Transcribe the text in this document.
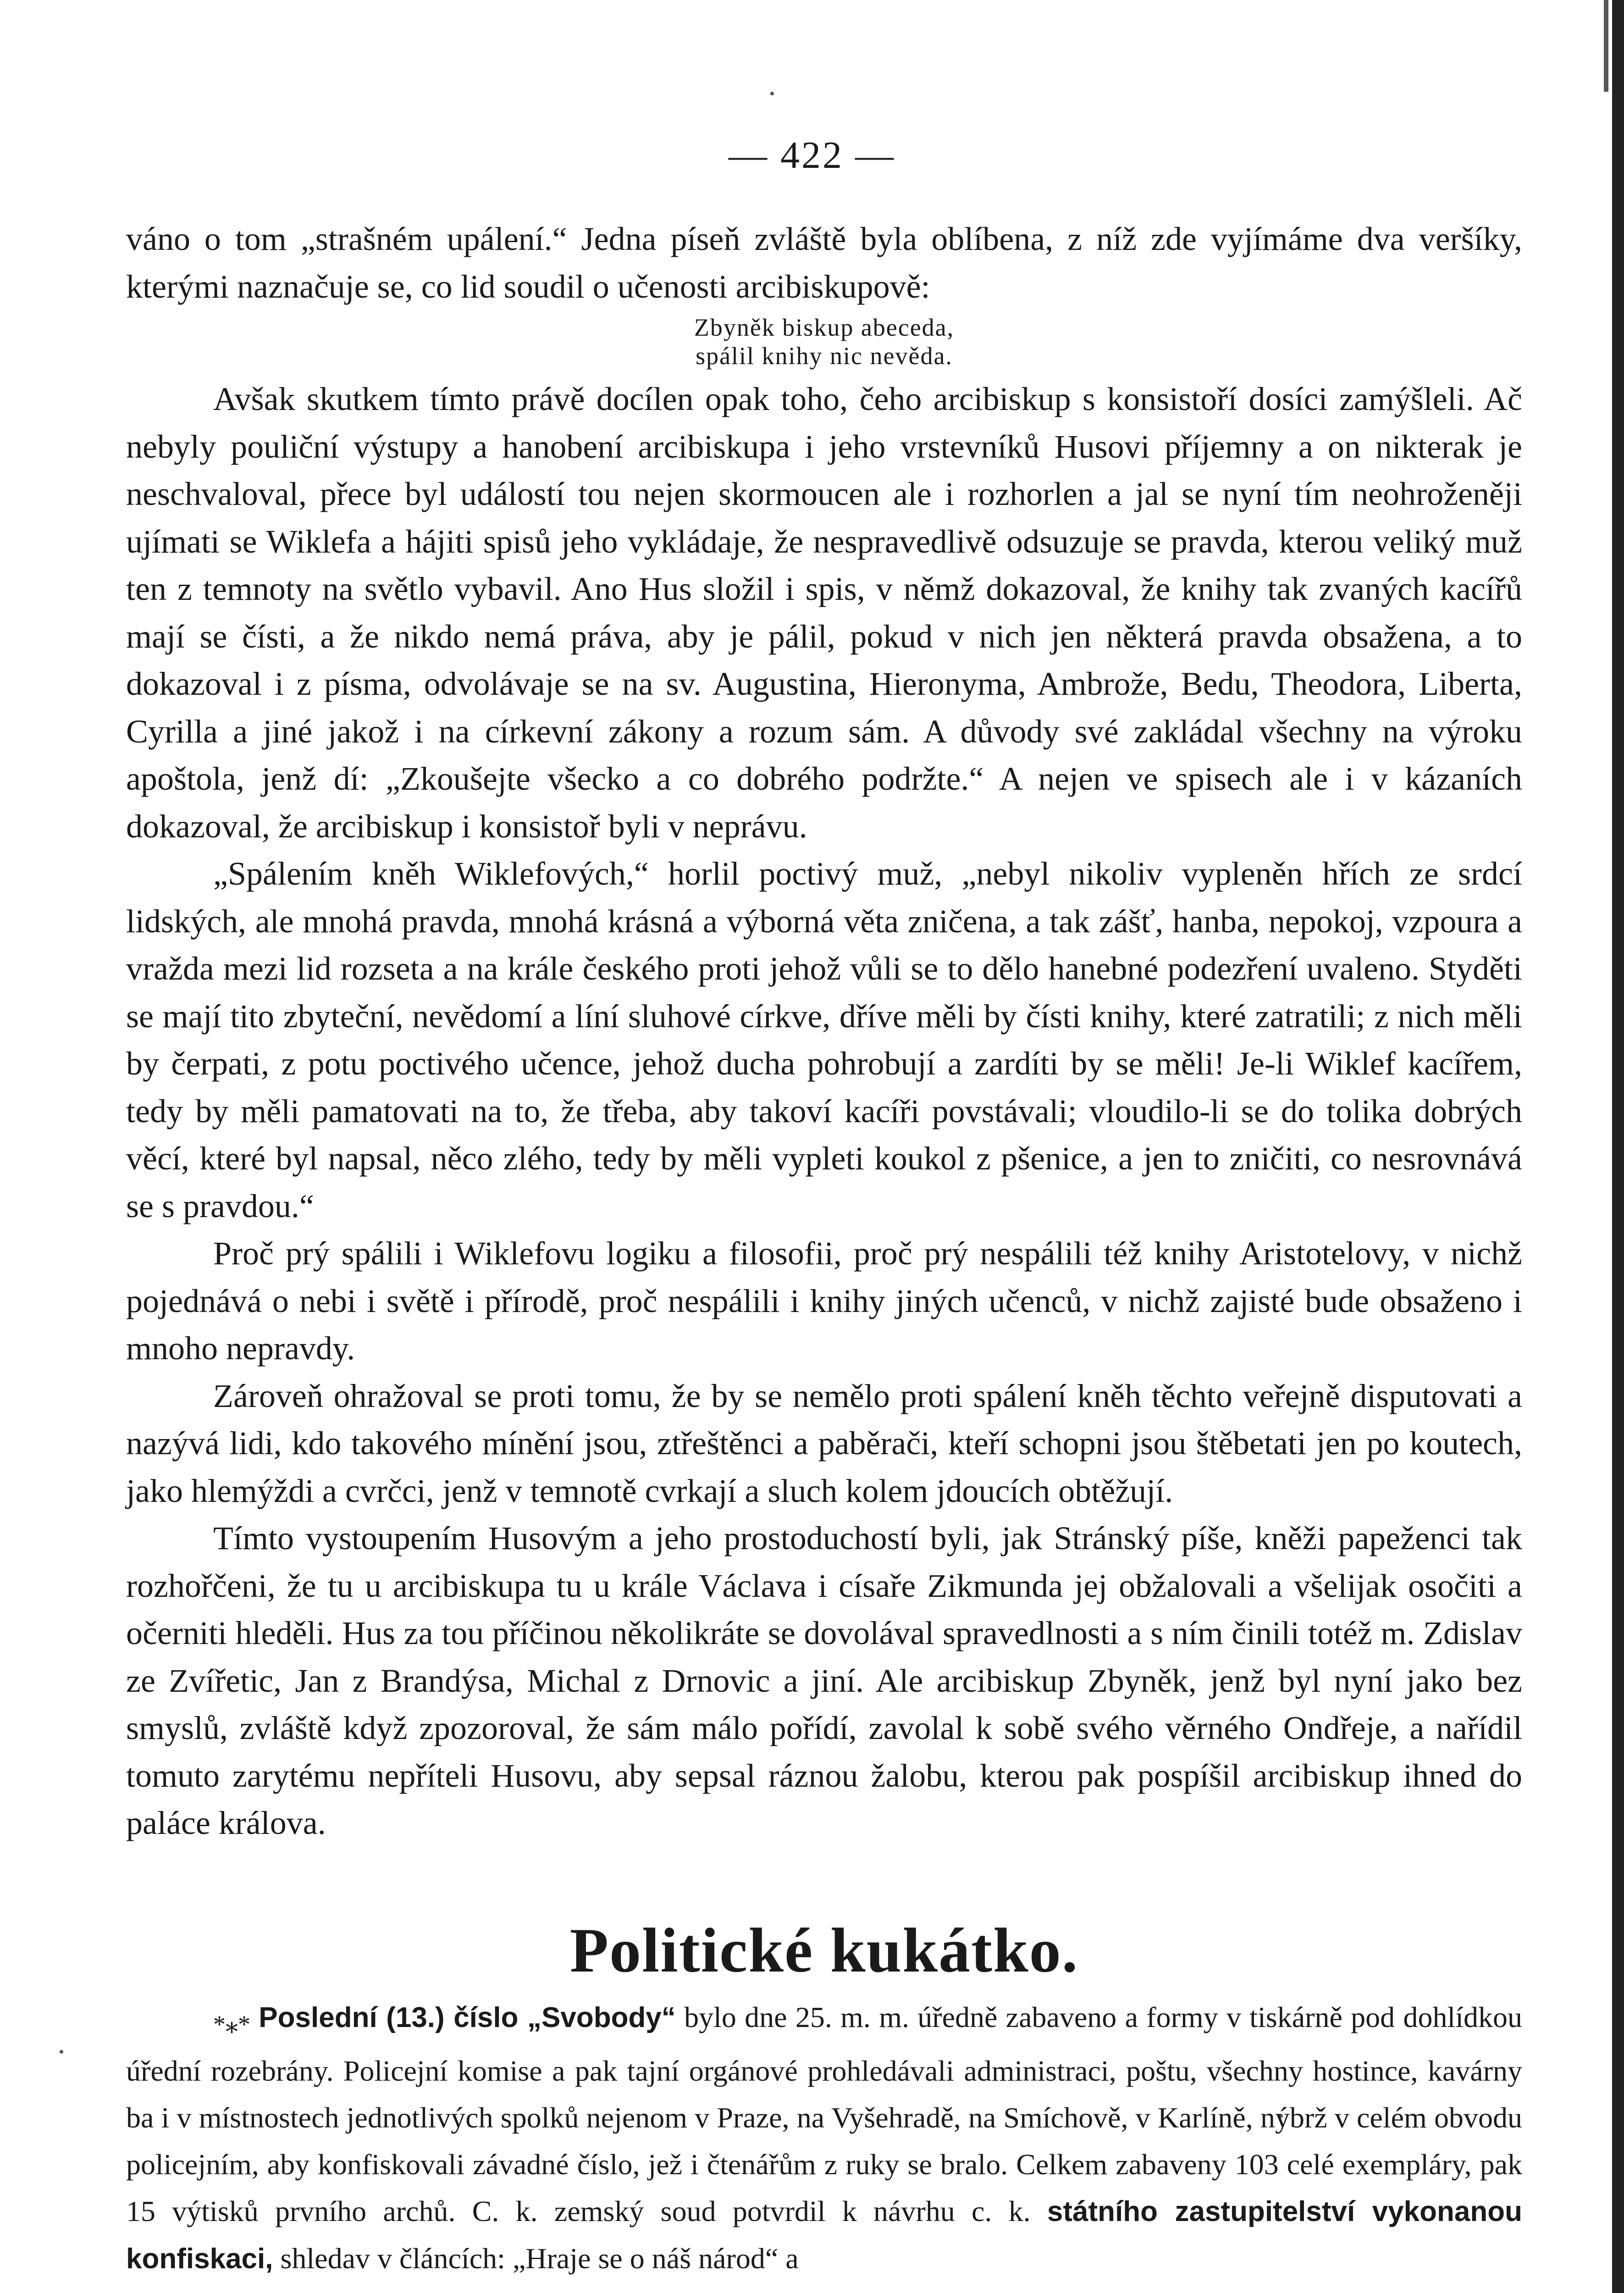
— 422 —

váno o tom „strašném upálení.“ Jedna píseň zvláště byla oblíbena, z níž zde vyjímáme dva veršíky, kterými naznačuje se, co lid soudil o učenosti arcibiskupově:

Zbyněk biskup abeceda,
spálil knihy nic nevěda.

Avšak skutkem tímto právě docílen opak toho, čeho arcibiskup s konsistoří dosíci zamýšleli. Ač nebyly pouliční výstupy a hanobení arcibiskupa i jeho vrstevníků Husovi příjemny a on nikterak je neschvaloval, přece byl událostí tou nejen skormoucen ale i rozhorlen a jal se nyní tím neohroženěji ujímati se Wiklefa a hájiti spisů jeho vykládaje, že nespravedlivě odsuzuje se pravda, kterou veliký muž ten z temnoty na světlo vybavil. Ano Hus složil i spis, v němž dokazoval, že knihy tak zvaných kacířů mají se čísti, a že nikdo nemá práva, aby je pálil, pokud v nich jen některá pravda obsažena, a to dokazoval i z písma, odvolávaje se na sv. Augustina, Hieronyma, Ambrože, Bedu, Theodora, Liberta, Cyrilla a jiné jakož i na církevní zákony a rozum sám. A důvody své zakládal všechny na výroku apoštola, jenž dí: „Zkoušejte všecko a co dobrého podržte.“ A nejen ve spisech ale i v kázaních dokazoval, že arcibiskup i konsistoř byli v neprávu.

„Spálením kněh Wiklefových,“ horlil poctivý muž, „nebyl nikoliv vypleněn hřích ze srdcí lidských, ale mnohá pravda, mnohá krásná a výborná věta zničena, a tak zášť, hanba, nepokoj, vzpoura a vražda mezi lid rozseta a na krále českého proti jehož vůli se to dělo hanebné podezření uvaleno. Styděti se mají tito zbyteční, nevědomí a líní sluhové církve, dříve měli by čísti knihy, které zatratili; z nich měli by čerpati, z potu poctivého učence, jehož ducha pohrobují a zardíti by se měli! Je-li Wiklef kacířem, tedy by měli pamatovati na to, že třeba, aby takoví kacíři povstávali; vloudilo-li se do tolika dobrých věcí, které byl napsal, něco zlého, tedy by měli vypleti koukol z pšenice, a jen to zničiti, co nesrovnává se s pravdou.“

Proč prý spálili i Wiklefovu logiku a filosofii, proč prý nespálili též knihy Aristotelovy, v nichž pojednává o nebi i světě i přírodě, proč nespálili i knihy jiných učenců, v nichž zajisté bude obsaženo i mnoho nepravdy.

Zároveň ohražoval se proti tomu, že by se nemělo proti spálení kněh těchto veřejně disputovati a nazývá lidi, kdo takového mínění jsou, ztřeštěnci a paběrači, kteří schopni jsou štěbetati jen po koutech, jako hlemýždi a cvrčci, jenž v temnotě cvrkají a sluch kolem jdoucích obtěžují.

Tímto vystoupením Husovým a jeho prostoduchostí byli, jak Stránský píše, kněži papeženci tak rozhořčeni, že tu u arcibiskupa tu u krále Václava i císaře Zikmunda jej obžalovali a všelijak osočiti a očerniti hleděli. Hus za tou příčinou několikráte se dovolával spravedlnosti a s ním činili totéž m. Zdislav ze Zvířetic, Jan z Brandýsa, Michal z Drnovic a jiní. Ale arcibiskup Zbyněk, jenž byl nyní jako bez smyslů, zvláště když zpozoroval, že sám málo pořídí, zavolal k sobě svého věrného Ondřeje, a nařídil tomuto zarytému nepříteli Husovu, aby sepsal ráznou žalobu, kterou pak pospíšil arcibiskup ihned do paláce králova.

Politické kukátko.

*⁎* Poslední (13.) číslo „Svobody“ bylo dne 25. m. m. úředně zabaveno a formy v tiskárně pod dohlídkou úřední rozebrány. Policejní komise a pak tajní orgánové prohledávali administraci, poštu, všechny hostince, kavárny ba i v místnostech jednotlivých spolků nejenom v Praze, na Vyšehradě, na Smíchově, v Karlíně, nýbrž v celém obvodu policejním, aby konfiskovali závadné číslo, jež i čtenářům z ruky se bralo. Celkem zabaveny 103 celé exempláry, pak 15 výtisků prvního archů. C. k. zemský soud potvrdil k návrhu c. k. státního zastupitelství vykonanou konfiskaci, shledav v článcích: „Hraje se o náš národ“ a
